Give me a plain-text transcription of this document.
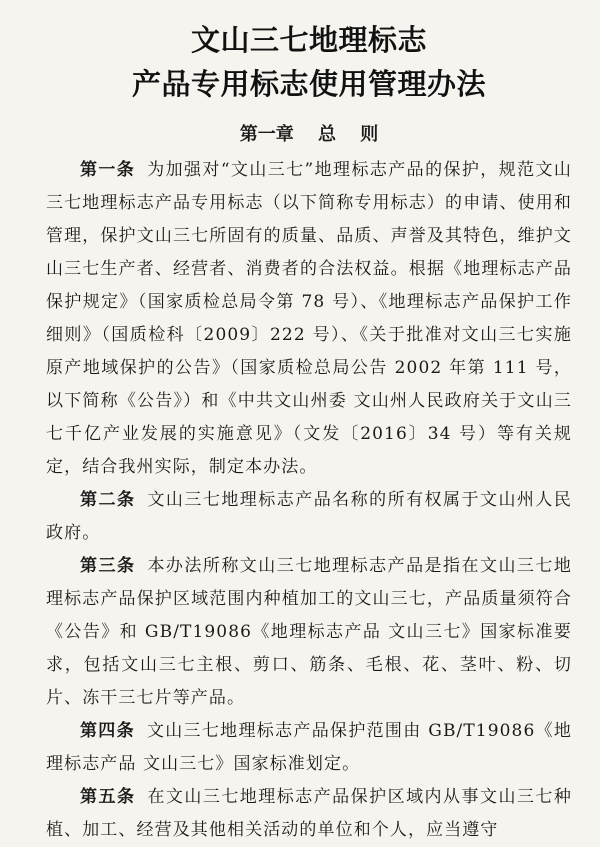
文山三七地理标志
产品专用标志使用管理办法
第一章 总 则

第一条 为加强对“文山三七”地理标志产品的保护，规范文山三七地理标志产品专用标志（以下简称专用标志）的申请、使用和管理，保护文山三七所固有的质量、品质、声誉及其特色，维护文山三七生产者、经营者、消费者的合法权益。根据《地理标志产品保护规定》（国家质检总局令第 78 号）、《地理标志产品保护工作细则》（国质检科〔2009〕222 号）、《关于批准对文山三七实施原产地域保护的公告》（国家质检总局公告 2002 年第 111 号，以下简称《公告》）和《中共文山州委 文山州人民政府关于文山三七千亿产业发展的实施意见》（文发〔2016〕34 号）等有关规定，结合我州实际，制定本办法。

第二条 文山三七地理标志产品名称的所有权属于文山州人民政府。

第三条 本办法所称文山三七地理标志产品是指在文山三七地理标志产品保护区域范围内种植加工的文山三七，产品质量须符合《公告》和 GB/T19086《地理标志产品 文山三七》国家标准要求，包括文山三七主根、剪口、筋条、毛根、花、茎叶、粉、切片、冻干三七片等产品。

第四条 文山三七地理标志产品保护范围由 GB/T19086《地理标志产品 文山三七》国家标准划定。

第五条 在文山三七地理标志产品保护区域内从事文山三七种植、加工、经营及其他相关活动的单位和个人，应当遵守
